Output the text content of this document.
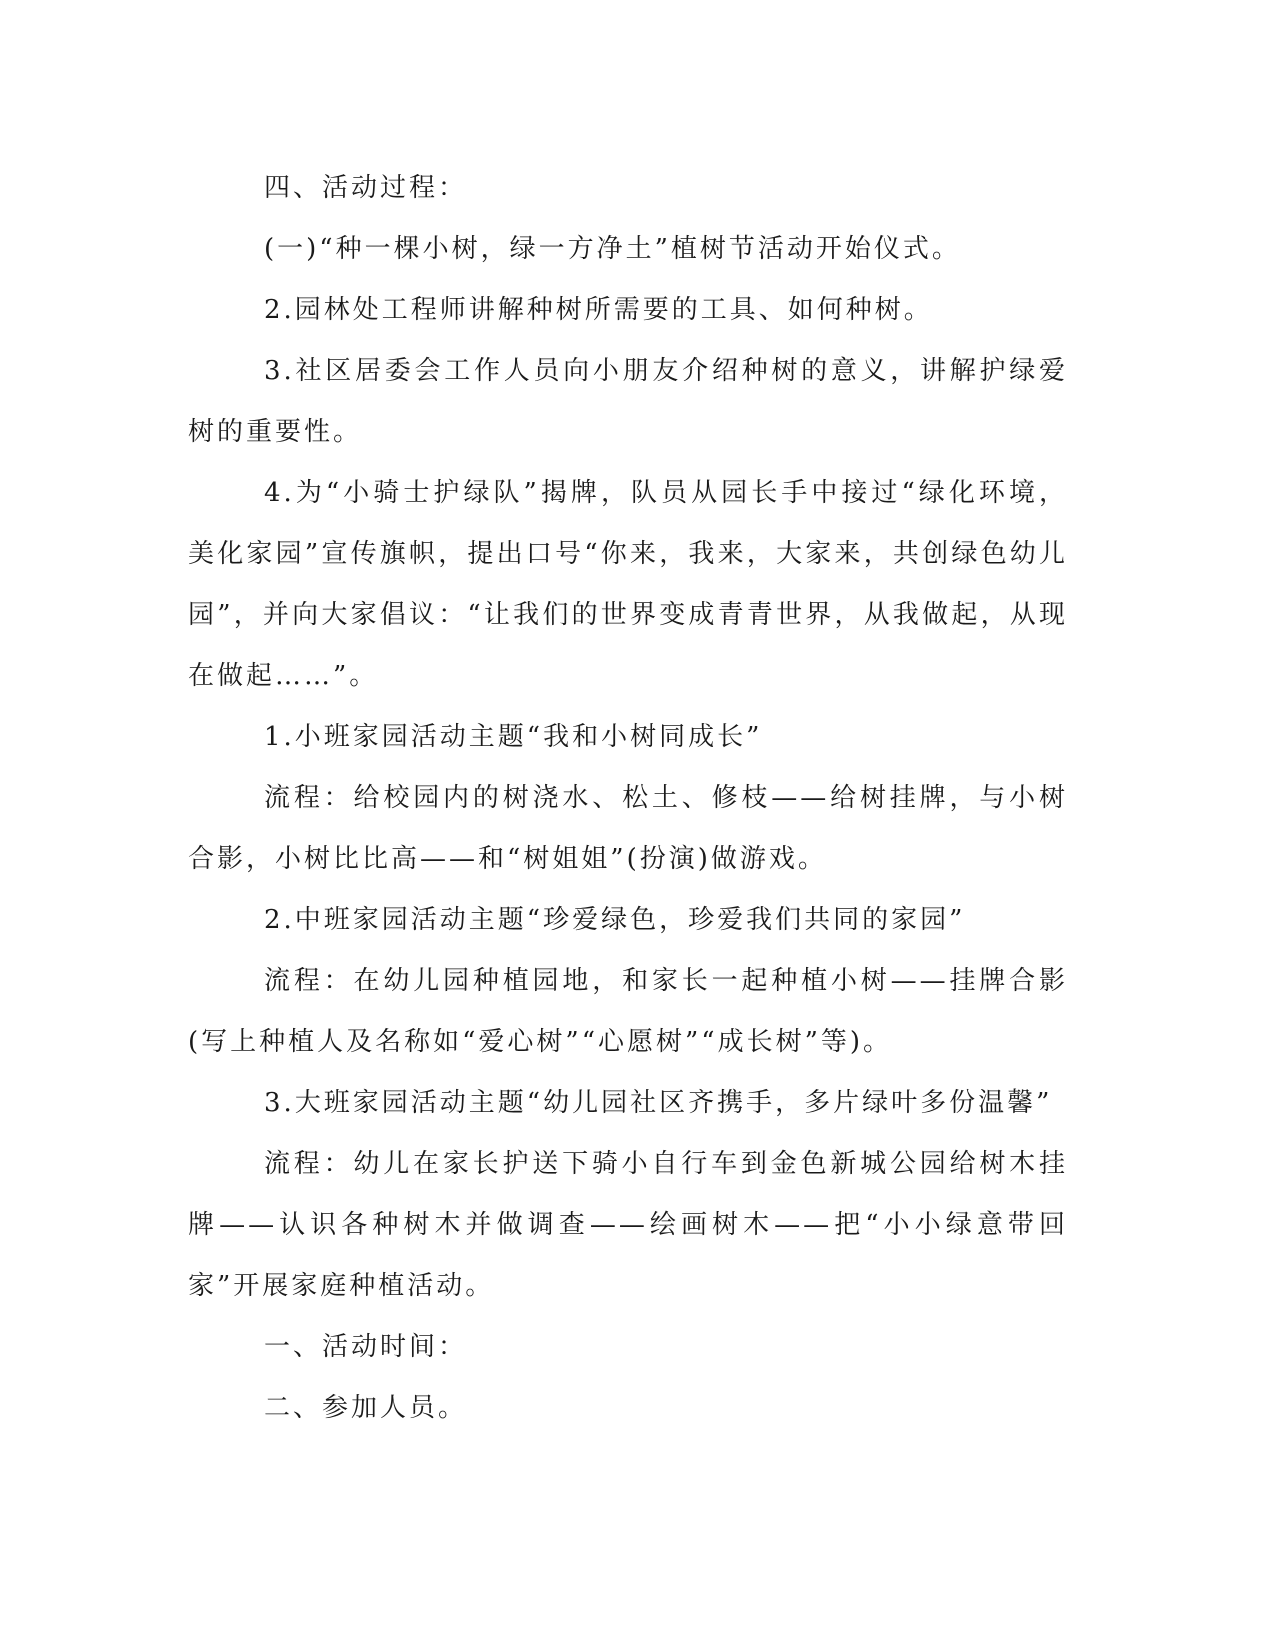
四、活动过程：

(一)“种一棵小树，绿一方净土”植树节活动开始仪式。

2.园林处工程师讲解种树所需要的工具、如何种树。

3.社区居委会工作人员向小朋友介绍种树的意义，讲解护绿爱树的重要性。

4.为“小骑士护绿队”揭牌，队员从园长手中接过“绿化环境，美化家园”宣传旗帜，提出口号“你来，我来，大家来，共创绿色幼儿园”，并向大家倡议：“让我们的世界变成青青世界，从我做起，从现在做起……”。

1.小班家园活动主题“我和小树同成长”

流程：给校园内的树浇水、松土、修枝——给树挂牌，与小树合影，小树比比高——和“树姐姐”(扮演)做游戏。

2.中班家园活动主题“珍爱绿色，珍爱我们共同的家园”

流程：在幼儿园种植园地，和家长一起种植小树——挂牌合影(写上种植人及名称如“爱心树”“心愿树”“成长树”等)。

3.大班家园活动主题“幼儿园社区齐携手，多片绿叶多份温馨”

流程：幼儿在家长护送下骑小自行车到金色新城公园给树木挂牌——认识各种树木并做调查——绘画树木——把“小小绿意带回家”开展家庭种植活动。

一、活动时间：

二、参加人员。
